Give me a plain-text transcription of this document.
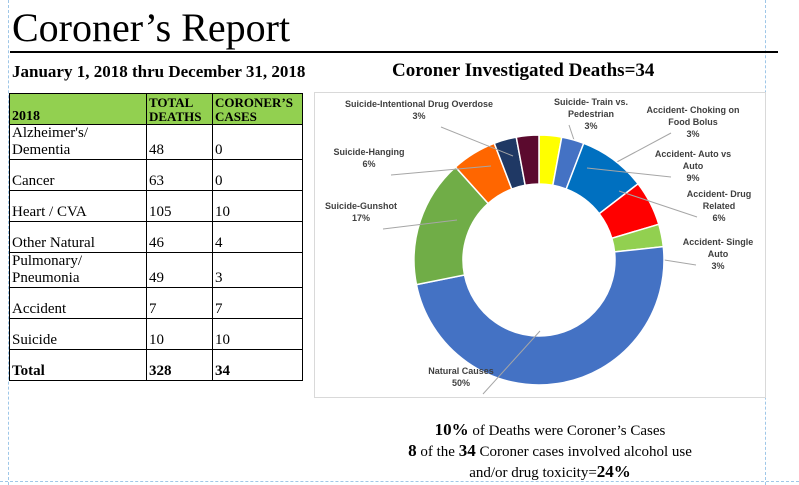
Coroner’s Report
January 1, 2018 thru December 31, 2018	Coroner Investigated Deaths=34
2018	TOTAL DEATHS	CORONER’S CASES
Alzheimer's/
Dementia	48	0
Cancer	63	0
Heart / CVA	105	10
Other Natural	46	4
Pulmonary/
Pneumonia	49	3
Accident	7	7
Suicide	10	10
Total	328	34
Suicide- Train vs. Pedestrian 3%
Accident- Choking on Food Bolus 3%
Accident- Auto vs Auto 9%
Accident- Drug Related 6%
Accident- Single Auto 3%
Natural Causes 50%
Suicide-Gunshot 17%
Suicide-Hanging 6%
Suicide-Intentional Drug Overdose 3%
10% of Deaths were Coroner’s Cases
8 of the 34 Coroner cases involved alcohol use
and/or drug toxicity=24%
